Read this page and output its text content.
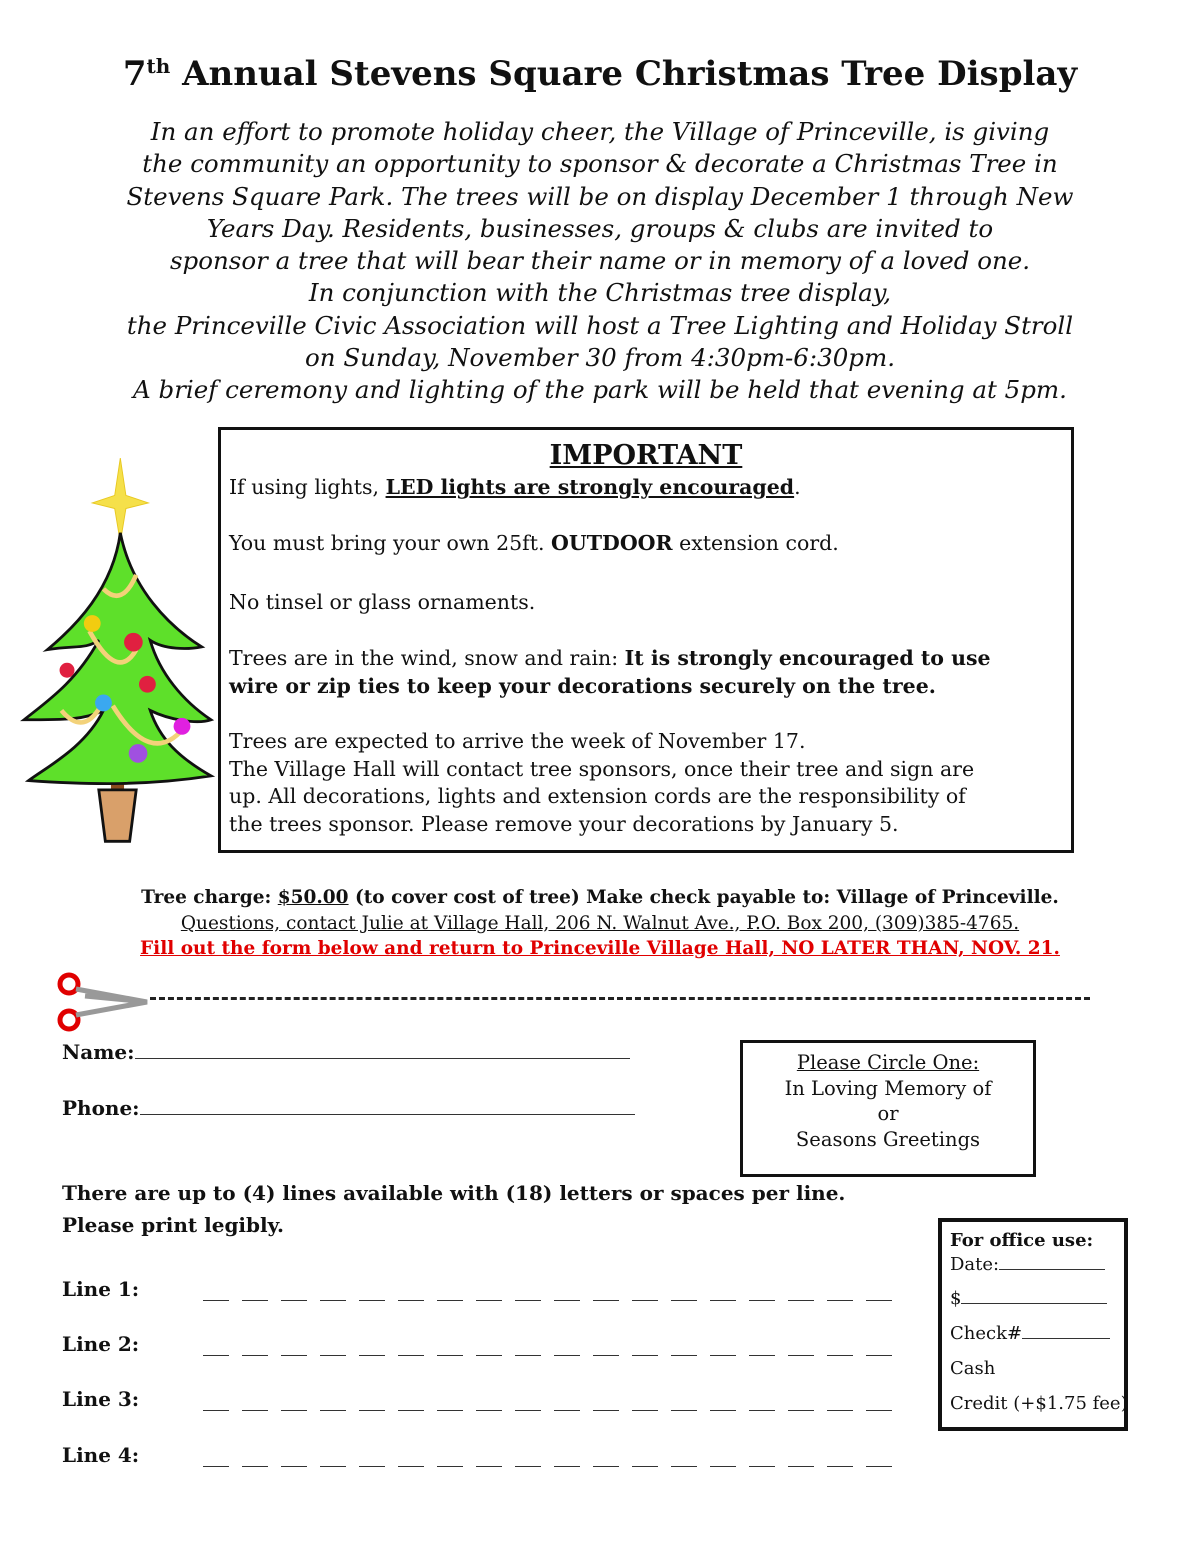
7th Annual Stevens Square Christmas Tree Display
In an effort to promote holiday cheer, the Village of Princeville, is giving
the community an opportunity to sponsor & decorate a Christmas Tree in
Stevens Square Park. The trees will be on display December 1 through New
Years Day. Residents, businesses, groups & clubs are invited to
sponsor a tree that will bear their name or in memory of a loved one.
In conjunction with the Christmas tree display,
the Princeville Civic Association will host a Tree Lighting and Holiday Stroll
on Sunday, November 30 from 4:30pm-6:30pm.
A brief ceremony and lighting of the park will be held that evening at 5pm.
IMPORTANT

If using lights, LED lights are strongly encouraged.

You must bring your own 25ft. OUTDOOR extension cord.

No tinsel or glass ornaments.

Trees are in the wind, snow and rain: It is strongly encouraged to use
wire or zip ties to keep your decorations securely on the tree.

Trees are expected to arrive the week of November 17.
The Village Hall will contact tree sponsors, once their tree and sign are
up. All decorations, lights and extension cords are the responsibility of
the trees sponsor. Please remove your decorations by January 5.

Tree charge: $50.00 (to cover cost of tree) Make check payable to: Village of Princeville.
Questions, contact Julie at Village Hall, 206 N. Walnut Ave., P.O. Box 200, (309)385-4765.
Fill out the form below and return to Princeville Village Hall, NO LATER THAN, NOV. 21.
Name:
Phone:
Please Circle One:
In Loving Memory of
or
Seasons Greetings
There are up to (4) lines available with (18) letters or spaces per line.
Please print legibly.
Line 1:
Line 2:
Line 3:
Line 4:
For office use:
Date:
$
Check#
Cash
Credit (+$1.75 fee)
